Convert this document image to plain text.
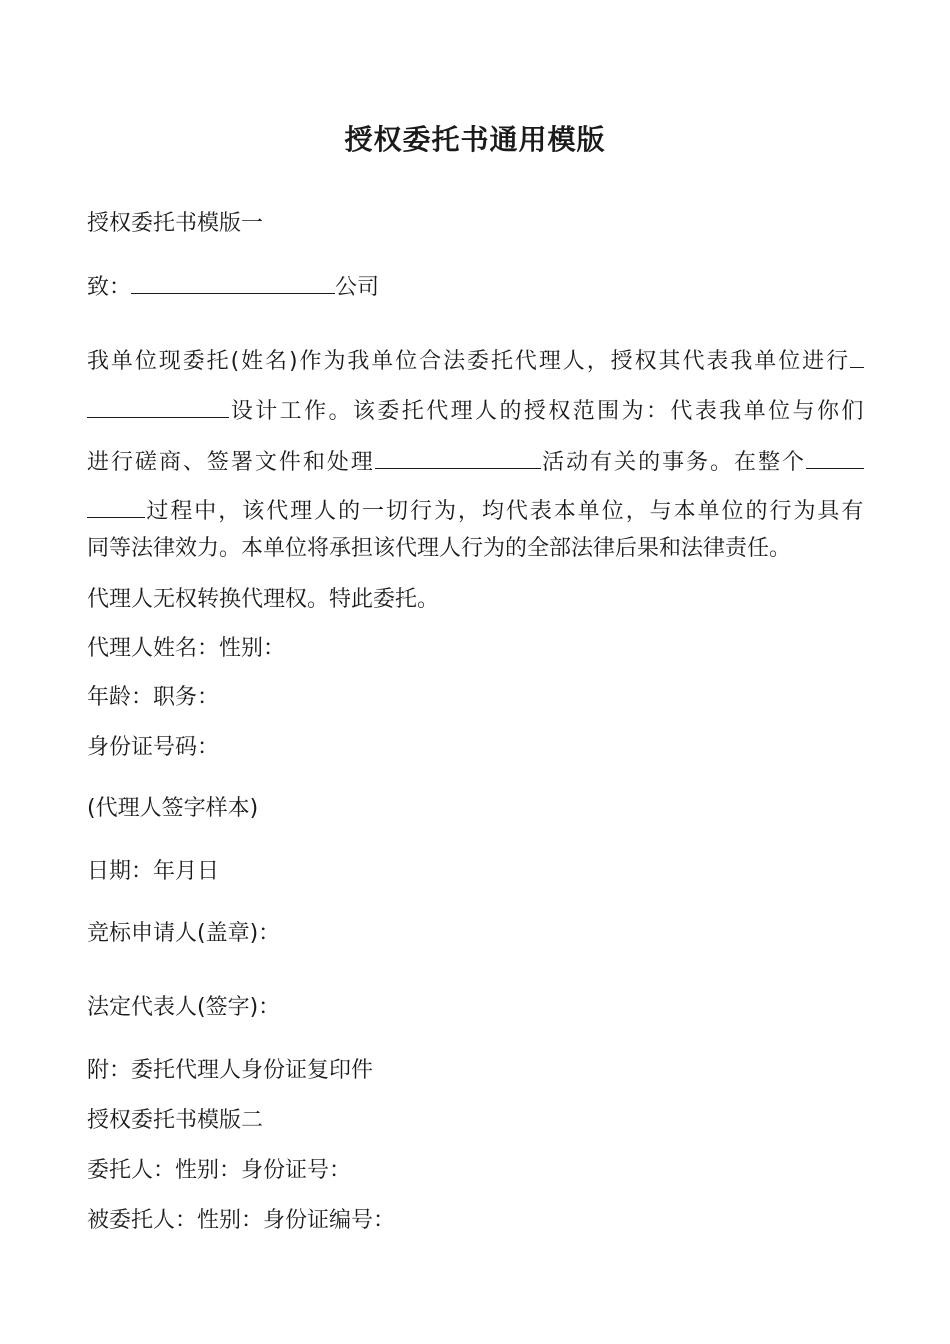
授权委托书通用模版
授权委托书模版一
致：	公司
我单位现委托(姓名)作为我单位合法委托代理人，授权其代表我单位进行
设计工作。该委托代理人的授权范围为：代表我单位与你们
进行磋商、签署文件和处理	活动有关的事务。在整个
过程中，该代理人的一切行为，均代表本单位，与本单位的行为具有
同等法律效力。本单位将承担该代理人行为的全部法律后果和法律责任。
代理人无权转换代理权。特此委托。
代理人姓名：性别：
年龄：职务：
身份证号码：
(代理人签字样本)
日期：年月日
竞标申请人(盖章)：
法定代表人(签字)：
附：委托代理人身份证复印件
授权委托书模版二
委托人：性别：身份证号：
被委托人：性别：身份证编号：
